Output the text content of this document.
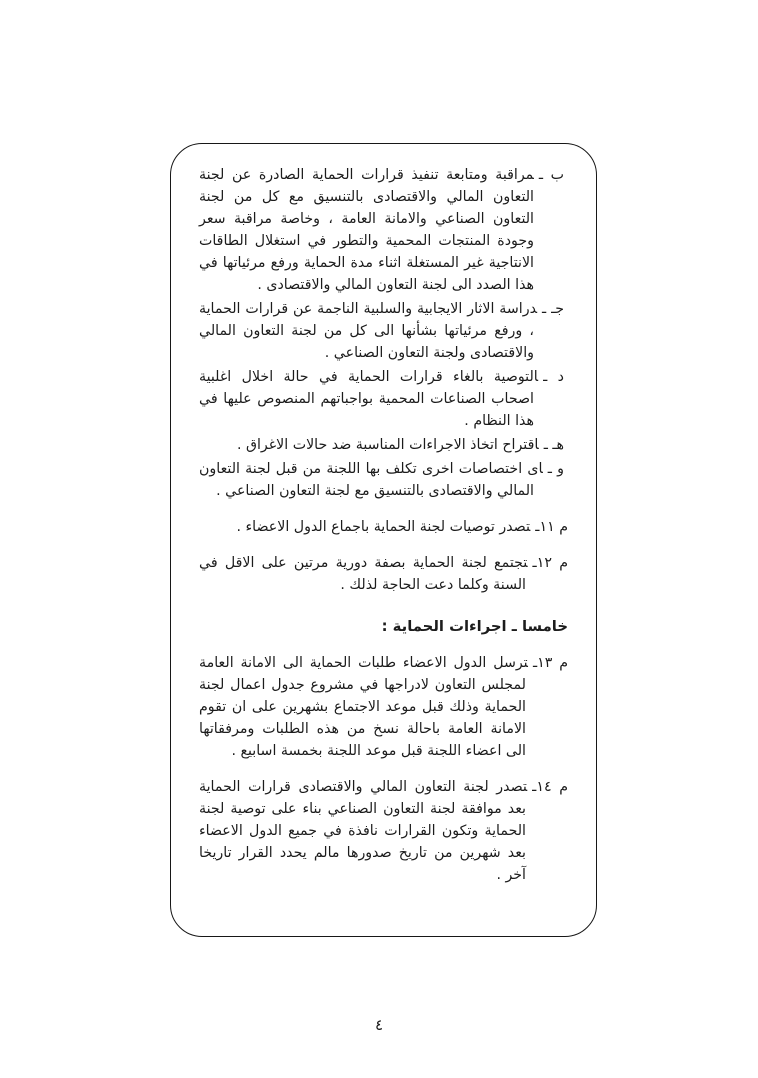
ب ـمراقبة ومتابعة تنفيذ قرارات الحماية الصادرة عن لجنة التعاون المالي والاقتصادى بالتنسيق مع كل من لجنة التعاون الصناعي والامانة العامة ، وخاصة مراقبة سعر وجودة المنتجات المحمية والتطور في استغلال الطاقات الانتاجية غير المستغلة اثناء مدة الحماية ورفع مرئياتها في هذا الصدد الى لجنة التعاون المالي والاقتصادى .

جـ ـدراسة الاثار الايجابية والسلبية الناجمة عن قرارات الحماية ، ورفع مرئياتها بشأنها الى كل من لجنة التعاون المالي والاقتصادى ولجنة التعاون الصناعي .

د ـالتوصية بالغاء قرارات الحماية في حالة اخلال اغلبية اصحاب الصناعات المحمية بواجباتهم المنصوص عليها في هذا النظام .

هـ ـاقتراح اتخاذ الاجراءات المناسبة ضد حالات الاغراق .

و ـاى اختصاصات اخرى تكلف بها اللجنة من قبل لجنة التعاون المالي والاقتصادى بالتنسيق مع لجنة التعاون الصناعي .

م ١١ـتصدر توصيات لجنة الحماية باجماع الدول الاعضاء .

م ١٢ـتجتمع لجنة الحماية بصفة دورية مرتين على الاقل في السنة وكلما دعت الحاجة لذلك .

خامسا ـ اجراءات الحماية :

م ١٣ـترسل الدول الاعضاء طلبات الحماية الى الامانة العامة لمجلس التعاون لادراجها في مشروع جدول اعمال لجنة الحماية وذلك قبل موعد الاجتماع بشهرين على ان تقوم الامانة العامة باحالة نسخ من هذه الطلبات ومرفقاتها الى اعضاء اللجنة قبل موعد اللجنة بخمسة اسابيع .

م ١٤ـتصدر لجنة التعاون المالي والاقتصادى قرارات الحماية بعد موافقة لجنة التعاون الصناعي بناء على توصية لجنة الحماية وتكون القرارات نافذة في جميع الدول الاعضاء بعد شهرين من تاريخ صدورها مالم يحدد القرار تاريخا آخر .

٤
